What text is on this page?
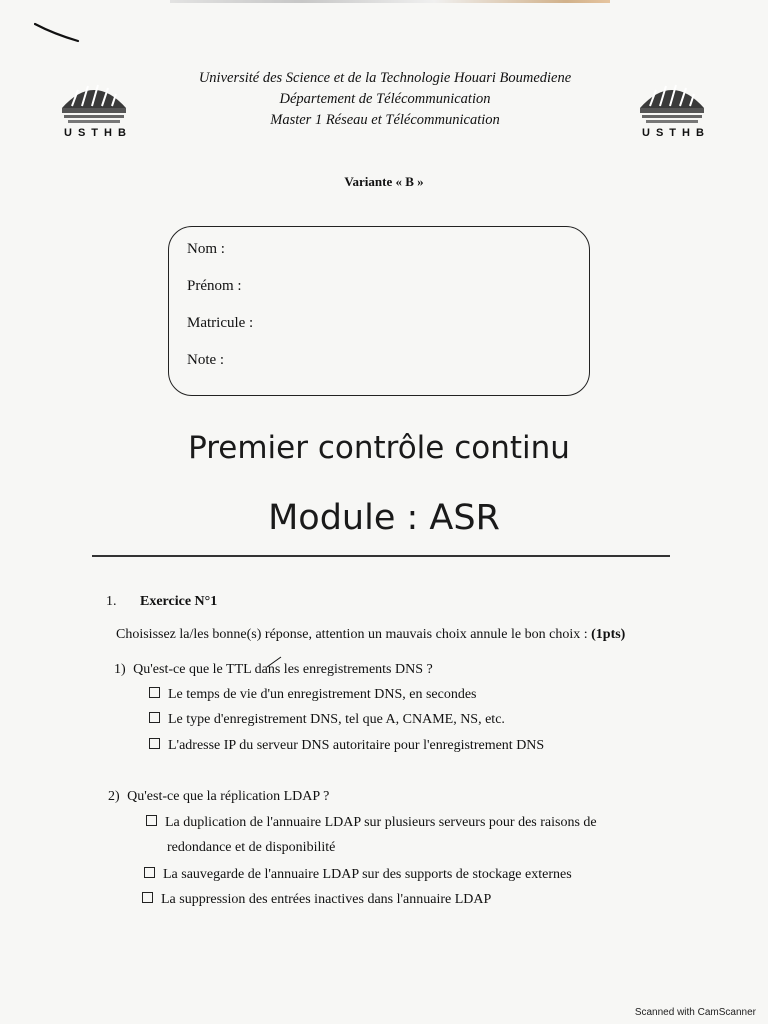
USTHB	USTHB
Université des Science et de la Technologie Houari Boumediene
Département de Télécommunication
Master 1 Réseau et Télécommunication
Variante « B »
Nom :
Prénom :
Matricule :
Note :
Premier contrôle continu
Module : ASR
1. Exercice N°1
Choisissez la/les bonne(s) réponse, attention un mauvais choix annule le bon choix : (1pts)
1) Qu'est-ce que le TTL dans les enregistrements DNS ?
Le temps de vie d'un enregistrement DNS, en secondes
Le type d'enregistrement DNS, tel que A, CNAME, NS, etc.
L'adresse IP du serveur DNS autoritaire pour l'enregistrement DNS
2) Qu'est-ce que la réplication LDAP ?
La duplication de l'annuaire LDAP sur plusieurs serveurs pour des raisons de
redondance et de disponibilité
La sauvegarde de l'annuaire LDAP sur des supports de stockage externes
La suppression des entrées inactives dans l'annuaire LDAP
Scanned with CamScanner
